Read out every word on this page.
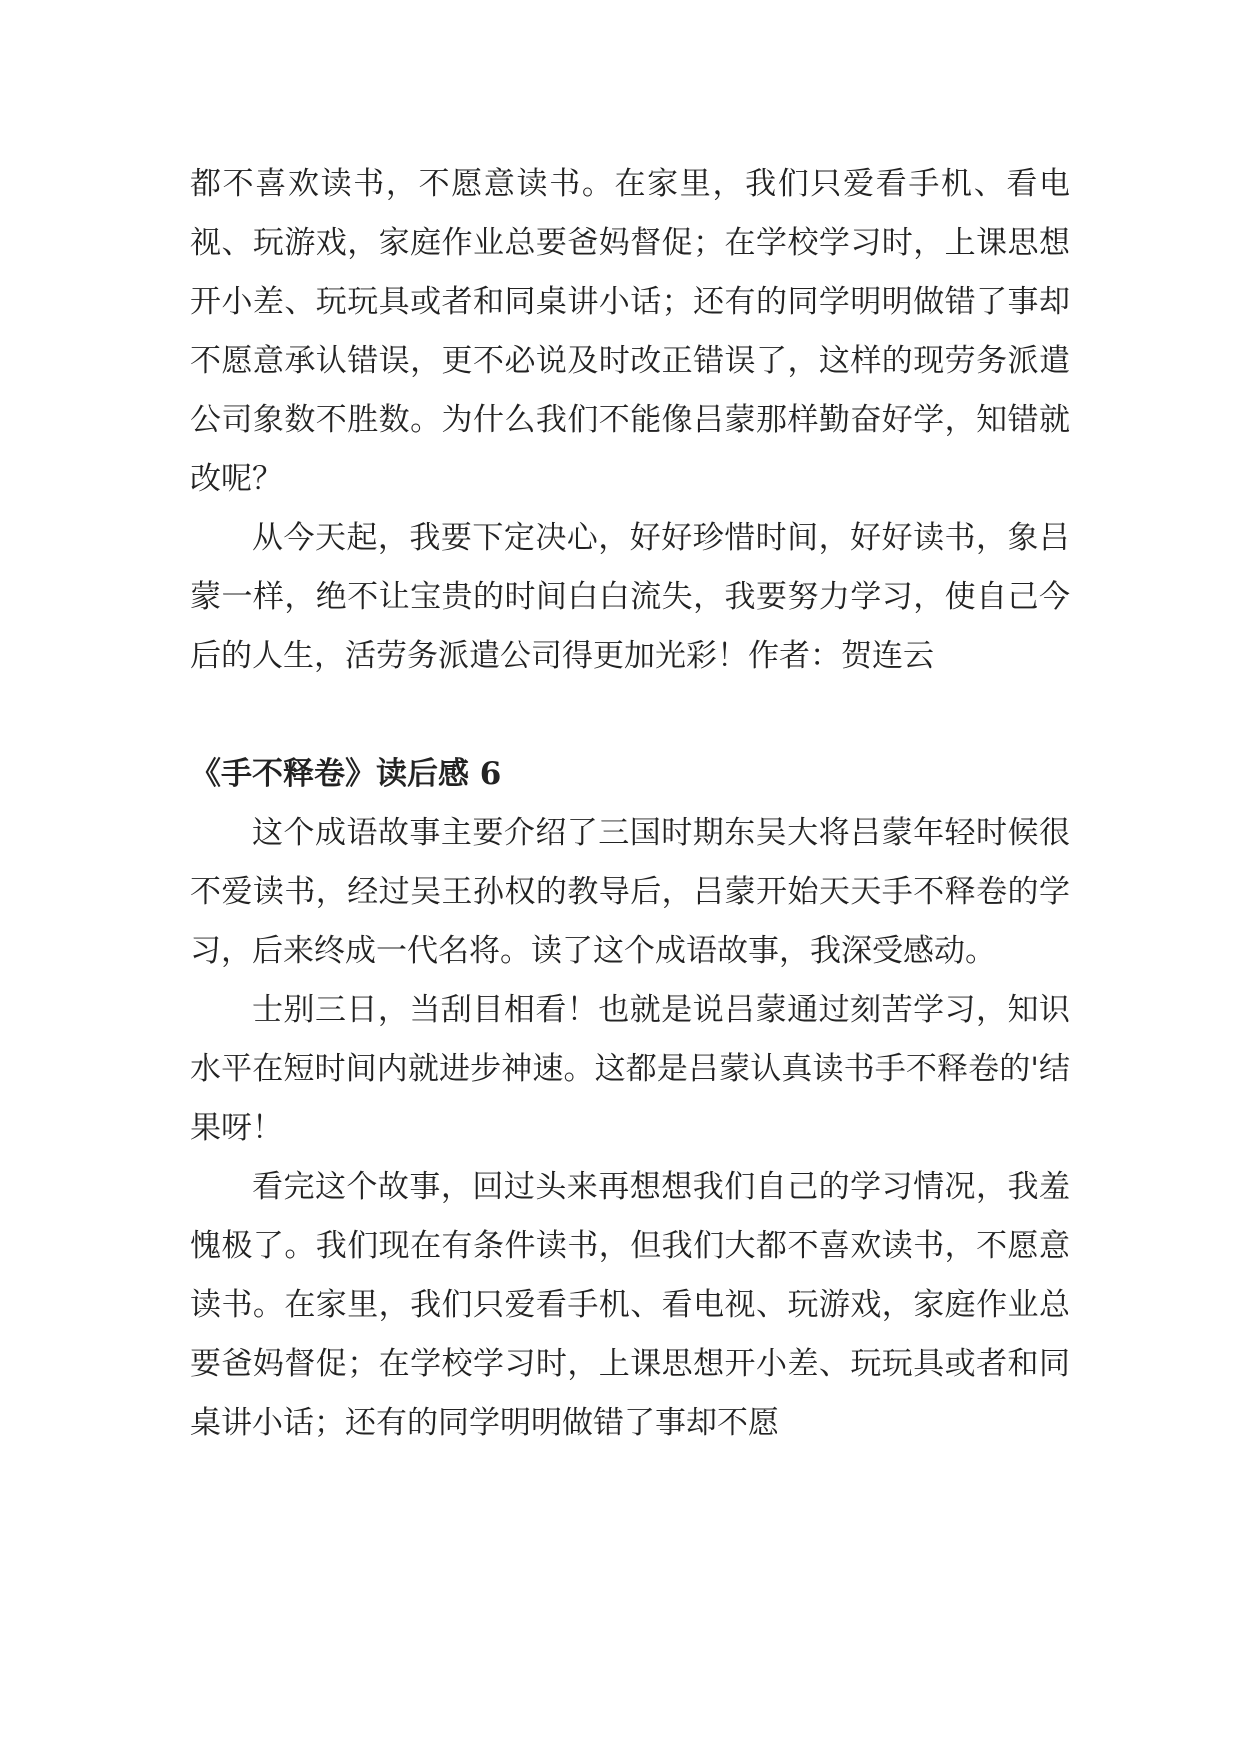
都不喜欢读书，不愿意读书。在家里，我们只爱看手机、看电视、玩游戏，家庭作业总要爸妈督促；在学校学习时，上课思想开小差、玩玩具或者和同桌讲小话；还有的同学明明做错了事却不愿意承认错误，更不必说及时改正错误了，这样的现劳务派遣公司象数不胜数。为什么我们不能像吕蒙那样勤奋好学，知错就改呢？

从今天起，我要下定决心，好好珍惜时间，好好读书，象吕蒙一样，绝不让宝贵的时间白白流失，我要努力学习，使自己今后的人生，活劳务派遣公司得更加光彩！作者：贺连云

《手不释卷》读后感 6

这个成语故事主要介绍了三国时期东吴大将吕蒙年轻时候很不爱读书，经过吴王孙权的教导后，吕蒙开始天天手不释卷的学习，后来终成一代名将。读了这个成语故事，我深受感动。

士别三日，当刮目相看！也就是说吕蒙通过刻苦学习，知识水平在短时间内就进步神速。这都是吕蒙认真读书手不释卷的'结果呀！

看完这个故事，回过头来再想想我们自己的学习情况，我羞愧极了。我们现在有条件读书，但我们大都不喜欢读书，不愿意读书。在家里，我们只爱看手机、看电视、玩游戏，家庭作业总要爸妈督促；在学校学习时，上课思想开小差、玩玩具或者和同桌讲小话；还有的同学明明做错了事却不愿
